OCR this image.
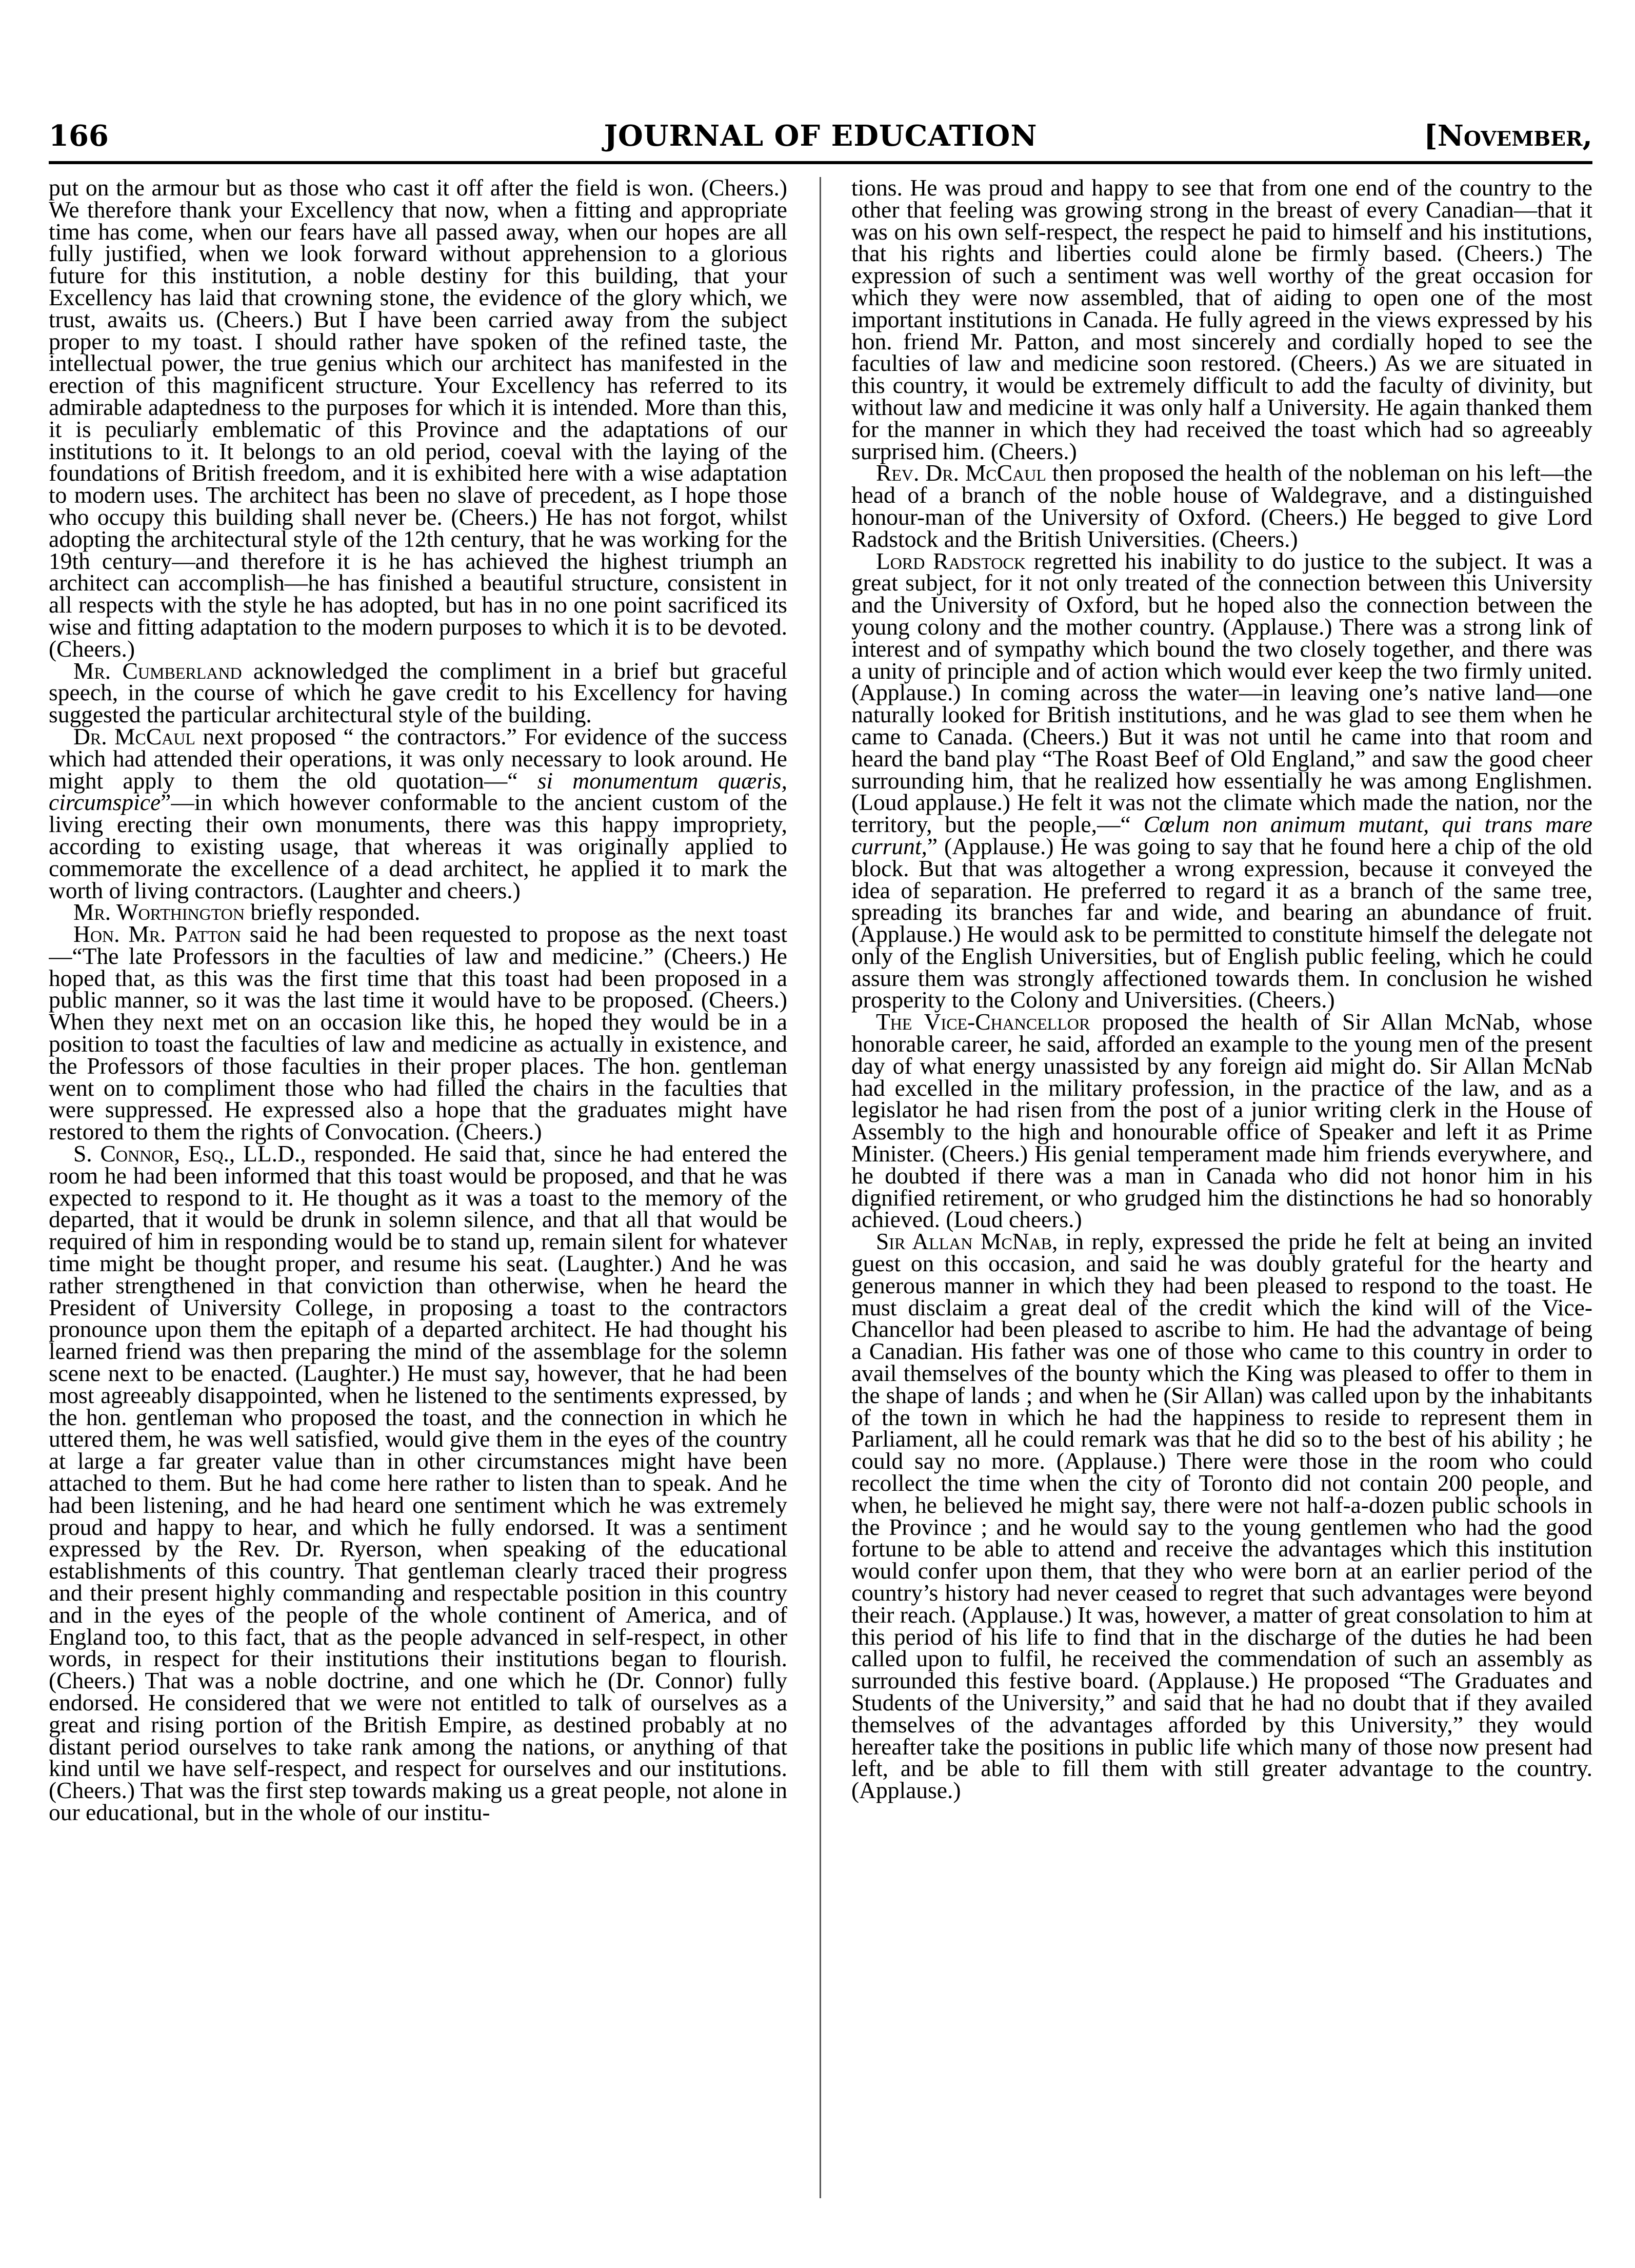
166	JOURNAL OF EDUCATION	[November,

put on the armour but as those who cast it off after the field is won. (Cheers.) We therefore thank your Excellency that now, when a fitting and appropriate time has come, when our fears have all passed away, when our hopes are all fully justified, when we look forward without apprehension to a glorious future for this institution, a noble destiny for this building, that your Excellency has laid that crowning stone, the evidence of the glory which, we trust, awaits us. (Cheers.) But I have been carried away from the subject proper to my toast. I should rather have spoken of the refined taste, the intellectual power, the true genius which our architect has manifested in the erection of this magnificent structure. Your Excellency has referred to its admirable adaptedness to the purposes for which it is intended. More than this, it is peculiarly emblematic of this Province and the adaptations of our institutions to it. It belongs to an old period, coeval with the laying of the foundations of British freedom, and it is exhibited here with a wise adaptation to modern uses. The architect has been no slave of precedent, as I hope those who occupy this building shall never be. (Cheers.) He has not forgot, whilst adopting the architectural style of the 12th century, that he was working for the 19th century—and therefore it is he has achieved the highest triumph an architect can accomplish—he has finished a beautiful structure, consistent in all respects with the style he has adopted, but has in no one point sacrificed its wise and fitting adaptation to the modern purposes to which it is to be devoted. (Cheers.)

Mr. Cumberland acknowledged the compliment in a brief but graceful speech, in the course of which he gave credit to his Excellency for having suggested the particular architectural style of the building.

Dr. McCaul next proposed “ the contractors.” For evidence of the success which had attended their operations, it was only necessary to look around. He might apply to them the old quotation—“ si monumentum quæris, circumspice”—in which however conformable to the ancient custom of the living erecting their own monuments, there was this happy impropriety, according to existing usage, that whereas it was originally applied to commemorate the excellence of a dead architect, he applied it to mark the worth of living contractors. (Laughter and cheers.)

Mr. Worthington briefly responded.

Hon. Mr. Patton said he had been requested to propose as the next toast—“The late Professors in the faculties of law and medicine.” (Cheers.) He hoped that, as this was the first time that this toast had been proposed in a public manner, so it was the last time it would have to be proposed. (Cheers.) When they next met on an occasion like this, he hoped they would be in a position to toast the faculties of law and medicine as actually in existence, and the Professors of those faculties in their proper places. The hon. gentleman went on to compliment those who had filled the chairs in the faculties that were suppressed. He expressed also a hope that the graduates might have restored to them the rights of Convocation. (Cheers.)

S. Connor, Esq., LL.D., responded. He said that, since he had entered the room he had been informed that this toast would be proposed, and that he was expected to respond to it. He thought as it was a toast to the memory of the departed, that it would be drunk in solemn silence, and that all that would be required of him in responding would be to stand up, remain silent for whatever time might be thought proper, and resume his seat. (Laughter.) And he was rather strengthened in that conviction than otherwise, when he heard the President of University College, in proposing a toast to the contractors pronounce upon them the epitaph of a departed architect. He had thought his learned friend was then preparing the mind of the assemblage for the solemn scene next to be enacted. (Laughter.) He must say, however, that he had been most agreeably disappointed, when he listened to the sentiments expressed, by the hon. gentleman who proposed the toast, and the connection in which he uttered them, he was well satisfied, would give them in the eyes of the country at large a far greater value than in other circumstances might have been attached to them. But he had come here rather to listen than to speak. And he had been listening, and he had heard one sentiment which he was extremely proud and happy to hear, and which he fully endorsed. It was a sentiment expressed by the Rev. Dr. Ryerson, when speaking of the educational establishments of this country. That gentleman clearly traced their progress and their present highly commanding and respectable position in this country and in the eyes of the people of the whole continent of America, and of England too, to this fact, that as the people advanced in self-respect, in other words, in respect for their institutions their institutions began to flourish. (Cheers.) That was a noble doctrine, and one which he (Dr. Connor) fully endorsed. He considered that we were not entitled to talk of ourselves as a great and rising portion of the British Empire, as destined probably at no distant period ourselves to take rank among the nations, or anything of that kind until we have self-respect, and respect for ourselves and our institutions. (Cheers.) That was the first step towards making us a great people, not alone in our educational, but in the whole of our institu-

tions. He was proud and happy to see that from one end of the country to the other that feeling was growing strong in the breast of every Canadian—that it was on his own self-respect, the respect he paid to himself and his institutions, that his rights and liberties could alone be firmly based. (Cheers.) The expression of such a sentiment was well worthy of the great occasion for which they were now assembled, that of aiding to open one of the most important institutions in Canada. He fully agreed in the views expressed by his hon. friend Mr. Patton, and most sincerely and cordially hoped to see the faculties of law and medicine soon restored. (Cheers.) As we are situated in this country, it would be extremely difficult to add the faculty of divinity, but without law and medicine it was only half a University. He again thanked them for the manner in which they had received the toast which had so agreeably surprised him. (Cheers.)

Rev. Dr. McCaul then proposed the health of the nobleman on his left—the head of a branch of the noble house of Waldegrave, and a distinguished honour-man of the University of Oxford. (Cheers.) He begged to give Lord Radstock and the British Universities. (Cheers.)

Lord Radstock regretted his inability to do justice to the subject. It was a great subject, for it not only treated of the connection between this University and the University of Oxford, but he hoped also the connection between the young colony and the mother country. (Applause.) There was a strong link of interest and of sympathy which bound the two closely together, and there was a unity of principle and of action which would ever keep the two firmly united. (Applause.) In coming across the water—in leaving one’s native land—one naturally looked for British institutions, and he was glad to see them when he came to Canada. (Cheers.) But it was not until he came into that room and heard the band play “The Roast Beef of Old England,” and saw the good cheer surrounding him, that he realized how essentially he was among Englishmen. (Loud applause.) He felt it was not the climate which made the nation, nor the territory, but the people,—“ Cœlum non animum mutant, qui trans mare currunt,” (Applause.) He was going to say that he found here a chip of the old block. But that was altogether a wrong expression, because it conveyed the idea of separation. He preferred to regard it as a branch of the same tree, spreading its branches far and wide, and bearing an abundance of fruit. (Applause.) He would ask to be permitted to constitute himself the delegate not only of the English Universities, but of English public feeling, which he could assure them was strongly affectioned towards them. In conclusion he wished prosperity to the Colony and Universities. (Cheers.)

The Vice-Chancellor proposed the health of Sir Allan McNab, whose honorable career, he said, afforded an example to the young men of the present day of what energy unassisted by any foreign aid might do. Sir Allan McNab had excelled in the military profession, in the practice of the law, and as a legislator he had risen from the post of a junior writing clerk in the House of Assembly to the high and honourable office of Speaker and left it as Prime Minister. (Cheers.) His genial temperament made him friends everywhere, and he doubted if there was a man in Canada who did not honor him in his dignified retirement, or who grudged him the distinctions he had so honorably achieved. (Loud cheers.)

Sir Allan McNab, in reply, expressed the pride he felt at being an invited guest on this occasion, and said he was doubly grateful for the hearty and generous manner in which they had been pleased to respond to the toast. He must disclaim a great deal of the credit which the kind will of the Vice-Chancellor had been pleased to ascribe to him. He had the advantage of being a Canadian. His father was one of those who came to this country in order to avail themselves of the bounty which the King was pleased to offer to them in the shape of lands ; and when he (Sir Allan) was called upon by the inhabitants of the town in which he had the happiness to reside to represent them in Parliament, all he could remark was that he did so to the best of his ability ; he could say no more. (Applause.) There were those in the room who could recollect the time when the city of Toronto did not contain 200 people, and when, he believed he might say, there were not half-a-dozen public schools in the Province ; and he would say to the young gentlemen who had the good fortune to be able to attend and receive the advantages which this institution would confer upon them, that they who were born at an earlier period of the country’s history had never ceased to regret that such advantages were beyond their reach. (Applause.) It was, however, a matter of great consolation to him at this period of his life to find that in the discharge of the duties he had been called upon to fulfil, he received the commendation of such an assembly as surrounded this festive board. (Applause.) He proposed “The Graduates and Students of the University,” and said that he had no doubt that if they availed themselves of the advantages afforded by this University,” they would hereafter take the positions in public life which many of those now present had left, and be able to fill them with still greater advantage to the country. (Applause.)
